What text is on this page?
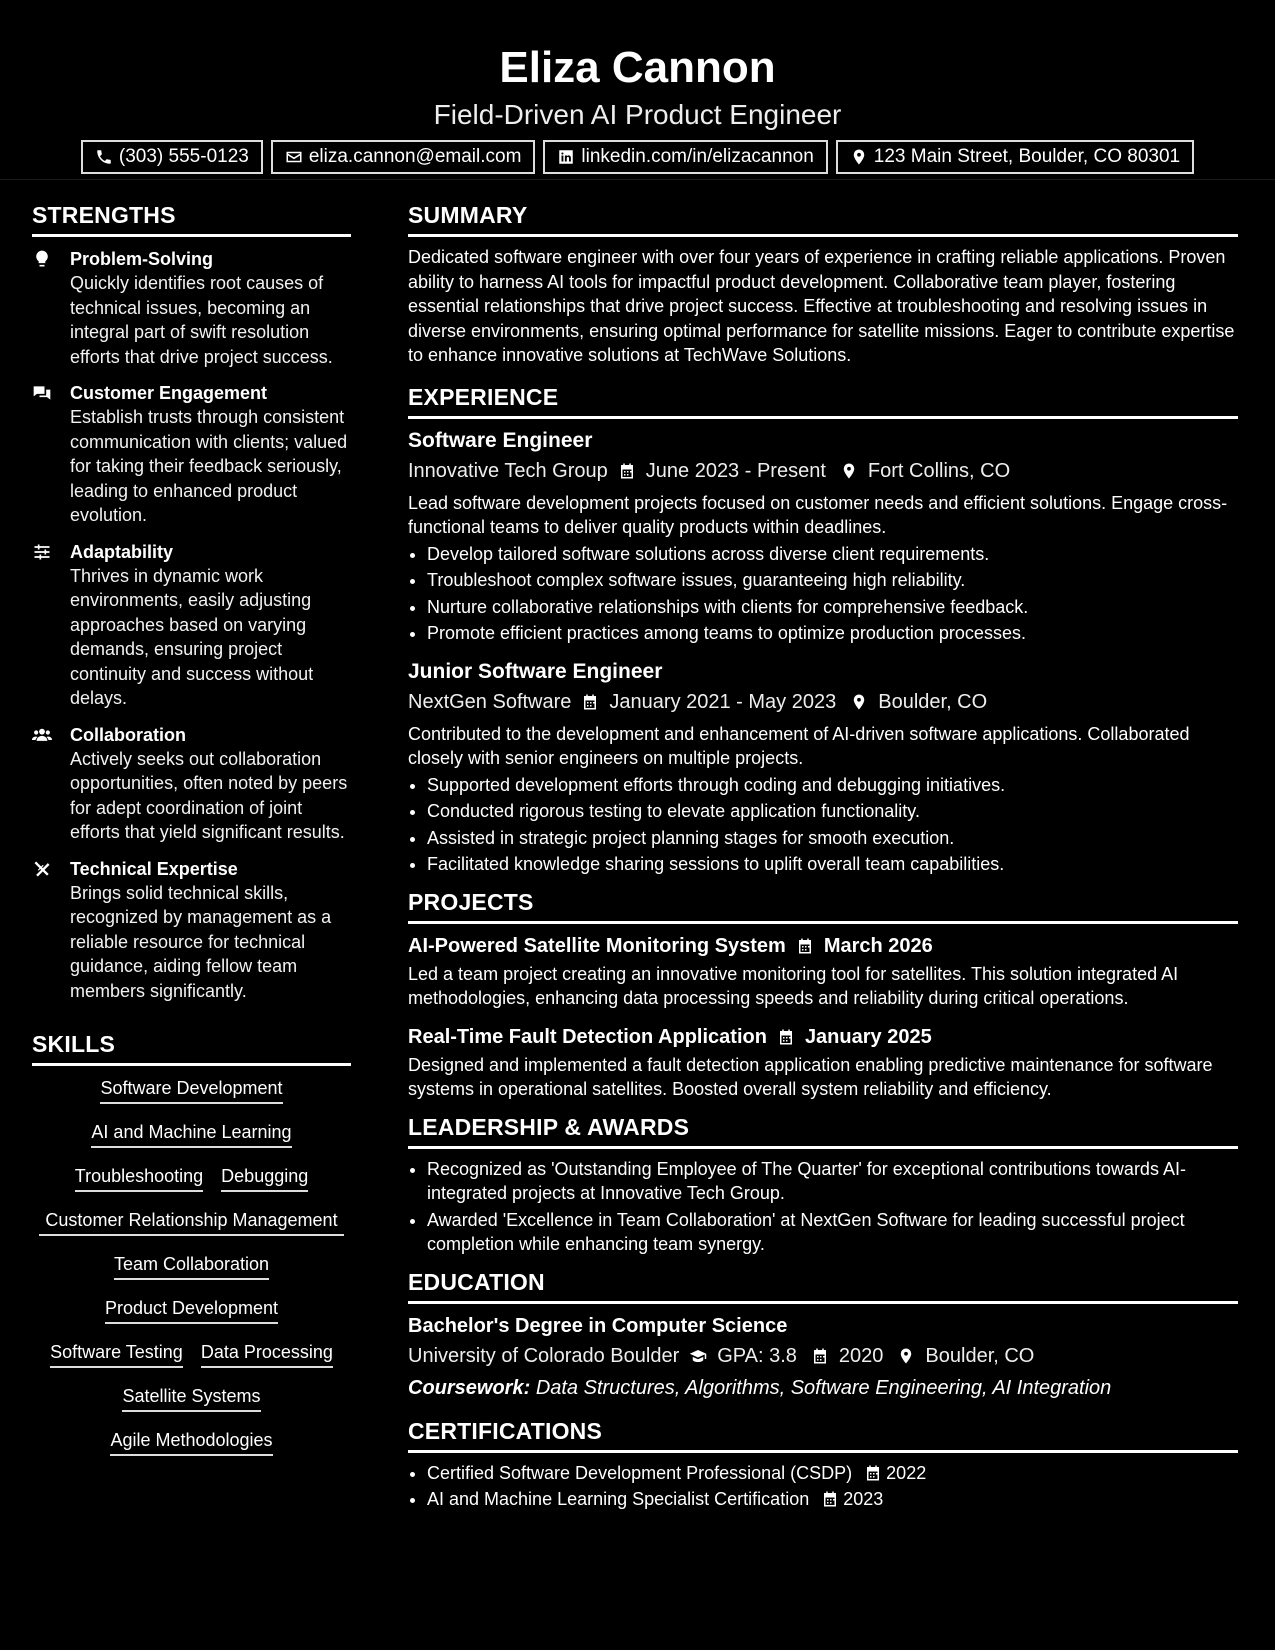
Eliza Cannon
Field-Driven AI Product Engineer
(303) 555-0123	eliza.cannon@email.com	linkedin.com/in/elizacannon	123 Main Street, Boulder, CO 80301
STRENGTHS
Problem-Solving
Quickly identifies root causes of technical issues, becoming an integral part of swift resolution efforts that drive project success.
Customer Engagement
Establish trusts through consistent communication with clients; valued for taking their feedback seriously, leading to enhanced product evolution.
Adaptability
Thrives in dynamic work environments, easily adjusting approaches based on varying demands, ensuring project continuity and success without delays.
Collaboration
Actively seeks out collaboration opportunities, often noted by peers for adept coordination of joint efforts that yield significant results.
Technical Expertise
Brings solid technical skills, recognized by management as a reliable resource for technical guidance, aiding fellow team members significantly.
SKILLS
Software Development
AI and Machine Learning
Troubleshooting Debugging
Customer Relationship Management
Team Collaboration
Product Development
Software Testing Data Processing
Satellite Systems
Agile Methodologies
SUMMARY
Dedicated software engineer with over four years of experience in crafting reliable applications. Proven ability to harness AI tools for impactful product development. Collaborative team player, fostering essential relationships that drive project success. Effective at troubleshooting and resolving issues in diverse environments, ensuring optimal performance for satellite missions. Eager to contribute expertise to enhance innovative solutions at TechWave Solutions.
EXPERIENCE
Software Engineer
Innovative Tech Group June 2023 - Present Fort Collins, CO
Lead software development projects focused on customer needs and efficient solutions. Engage cross-functional teams to deliver quality products within deadlines.
• Develop tailored software solutions across diverse client requirements.
• Troubleshoot complex software issues, guaranteeing high reliability.
• Nurture collaborative relationships with clients for comprehensive feedback.
• Promote efficient practices among teams to optimize production processes.
Junior Software Engineer
NextGen Software January 2021 - May 2023 Boulder, CO
Contributed to the development and enhancement of AI-driven software applications. Collaborated closely with senior engineers on multiple projects.
• Supported development efforts through coding and debugging initiatives.
• Conducted rigorous testing to elevate application functionality.
• Assisted in strategic project planning stages for smooth execution.
• Facilitated knowledge sharing sessions to uplift overall team capabilities.
PROJECTS
AI-Powered Satellite Monitoring System March 2026
Led a team project creating an innovative monitoring tool for satellites. This solution integrated AI methodologies, enhancing data processing speeds and reliability during critical operations.
Real-Time Fault Detection Application January 2025
Designed and implemented a fault detection application enabling predictive maintenance for software systems in operational satellites. Boosted overall system reliability and efficiency.
LEADERSHIP & AWARDS
• Recognized as 'Outstanding Employee of The Quarter' for exceptional contributions towards AI-integrated projects at Innovative Tech Group.
• Awarded 'Excellence in Team Collaboration' at NextGen Software for leading successful project completion while enhancing team synergy.
EDUCATION
Bachelor's Degree in Computer Science
University of Colorado Boulder GPA: 3.8 2020 Boulder, CO
Coursework: Data Structures, Algorithms, Software Engineering, AI Integration
CERTIFICATIONS
• Certified Software Development Professional (CSDP) 2022
• AI and Machine Learning Specialist Certification 2023
